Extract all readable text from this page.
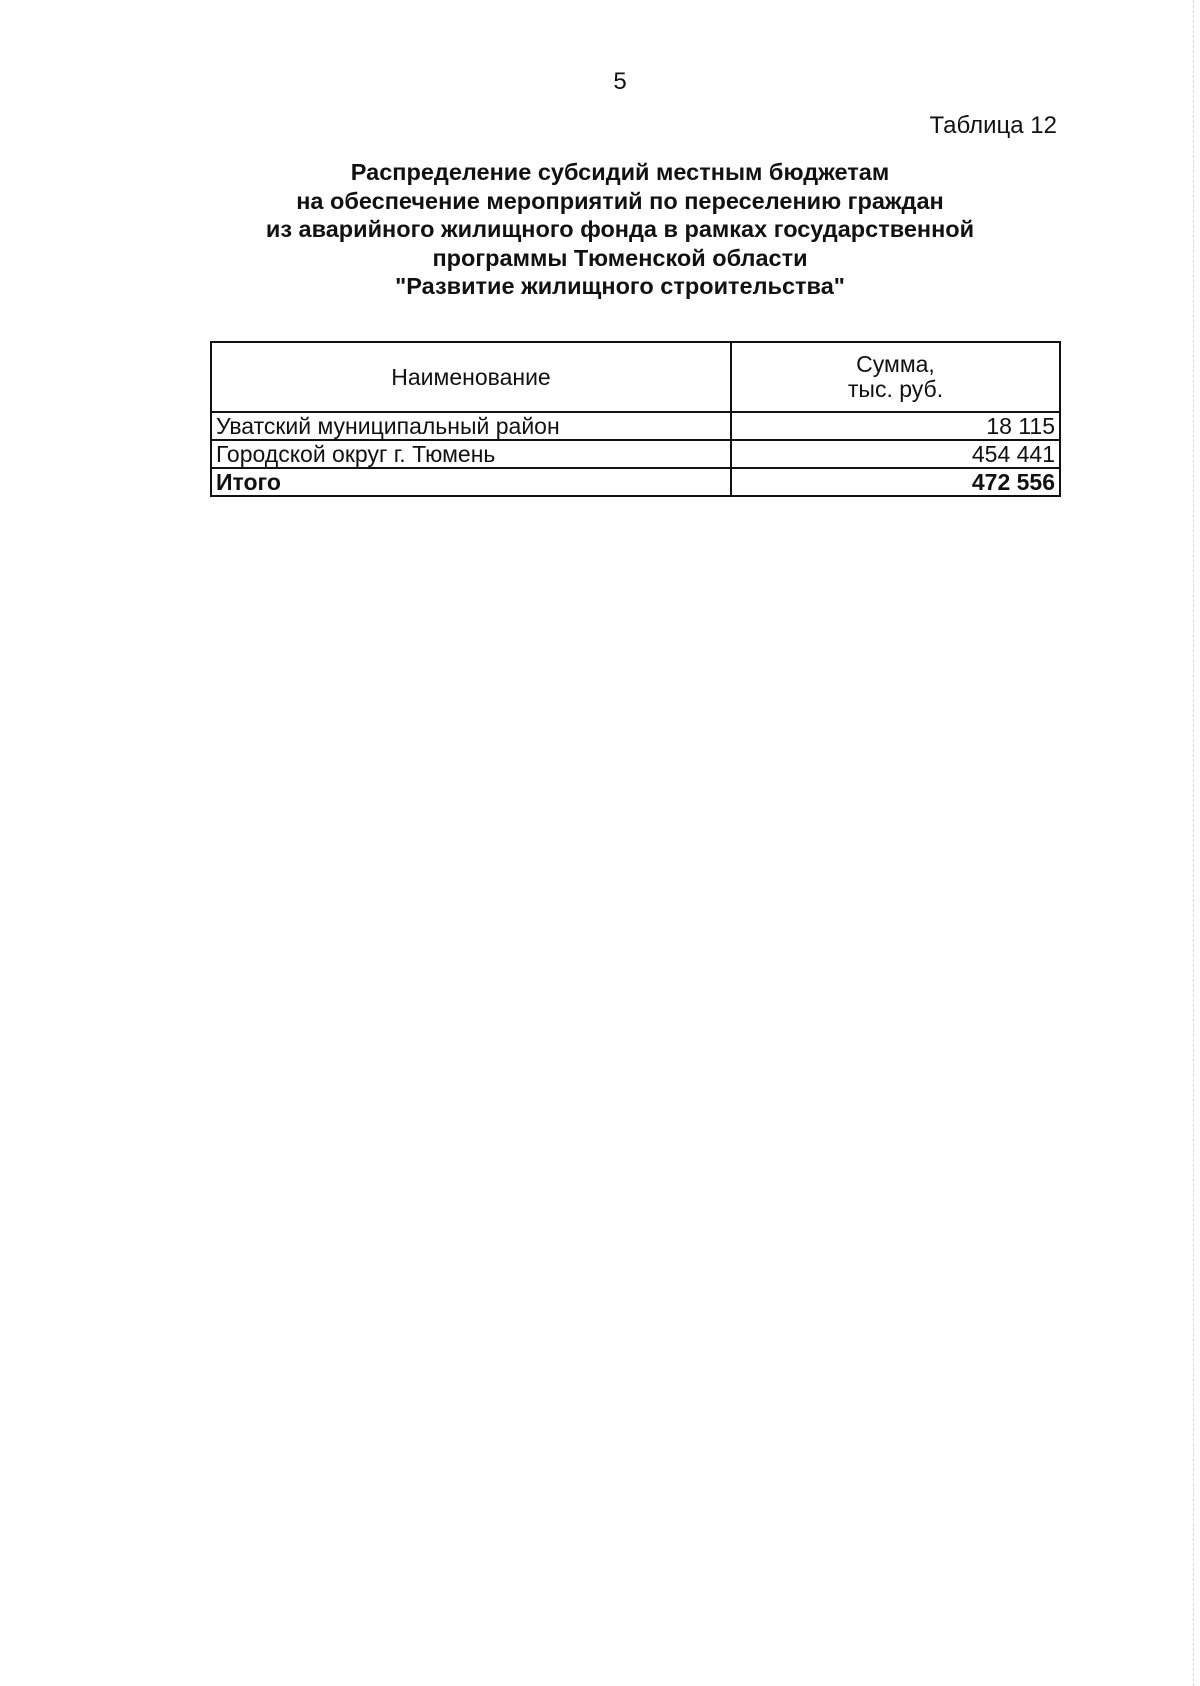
5
Таблица 12
Распределение субсидий местным бюджетам
на обеспечение мероприятий по переселению граждан
из аварийного жилищного фонда в рамках государственной
программы Тюменской области
"Развитие жилищного строительства"
Наименование	Сумма,
тыс. руб.

Уватский муниципальный район	18 115
Городской округ г. Тюмень	454 441
Итого	472 556
